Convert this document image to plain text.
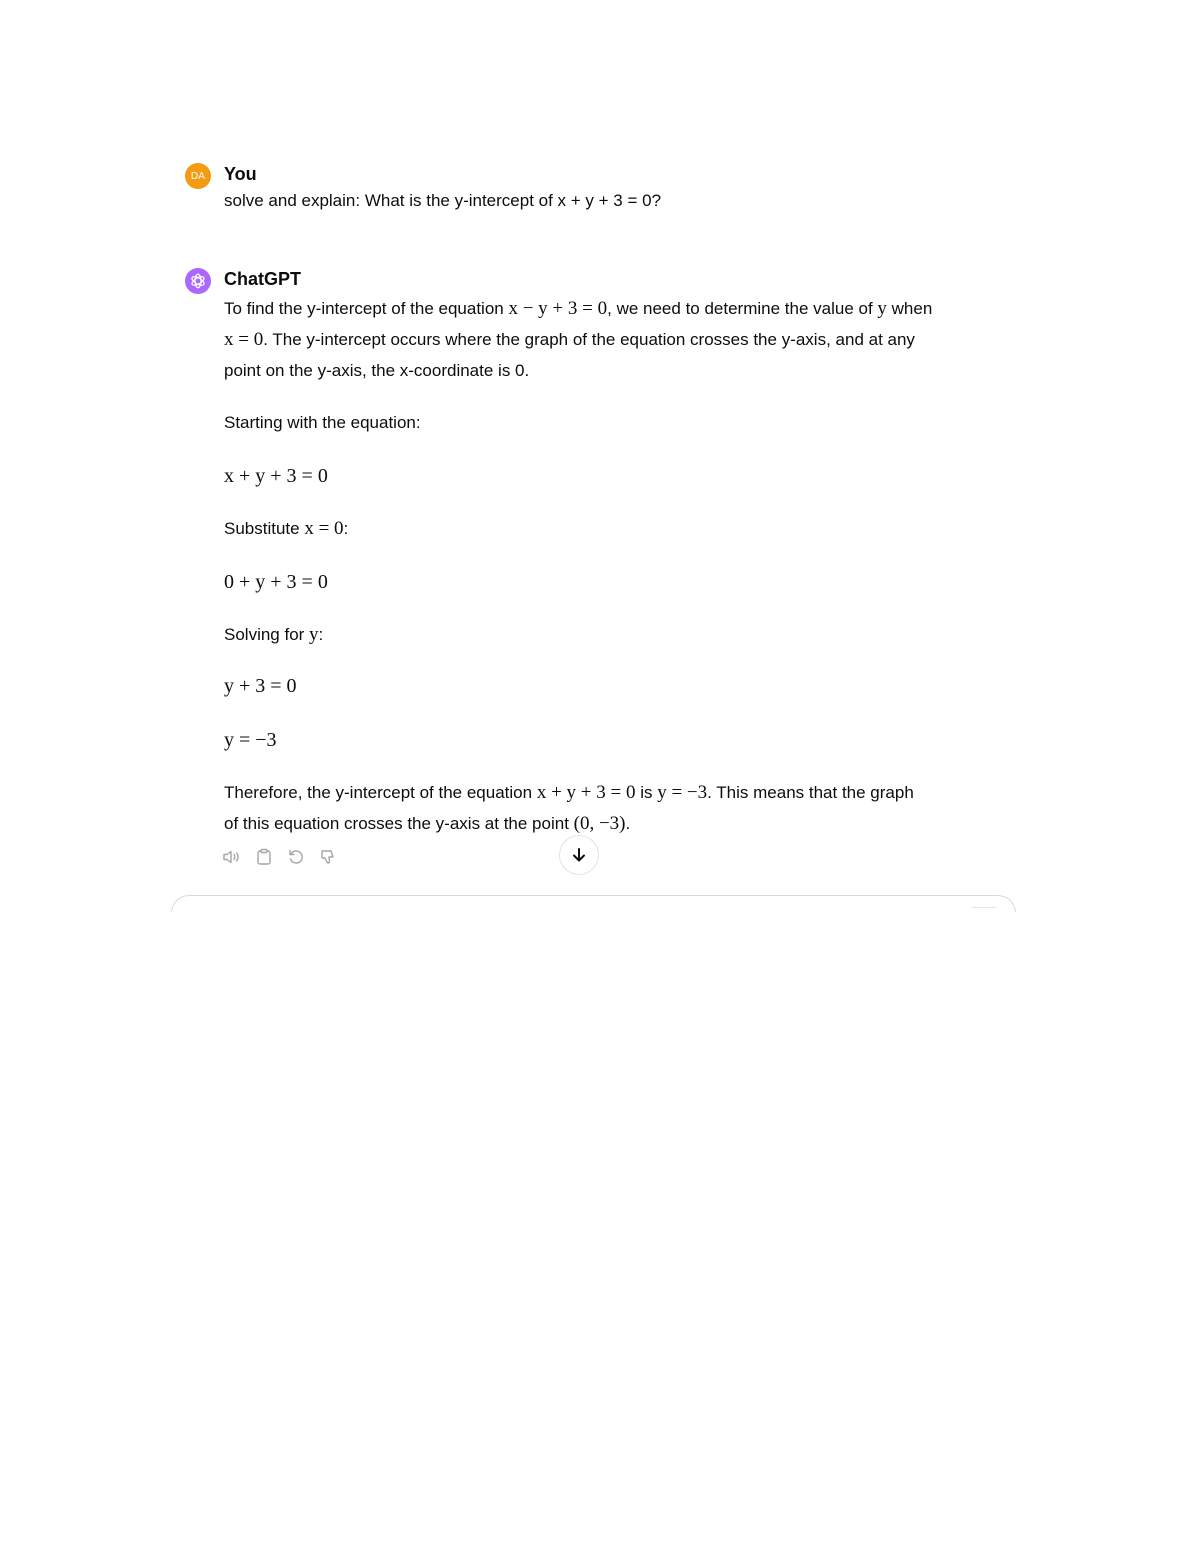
DA You
solve and explain: What is the y-intercept of x + y + 3 = 0?
ChatGPT
To find the y-intercept of the equation x − y + 3 = 0, we need to determine the value of y when
x = 0. The y-intercept occurs where the graph of the equation crosses the y-axis, and at any
point on the y-axis, the x-coordinate is 0.
Starting with the equation:
x + y + 3 = 0
Substitute x = 0:
0 + y + 3 = 0
Solving for y:
y + 3 = 0
y = −3
Therefore, the y-intercept of the equation x + y + 3 = 0 is y = −3. This means that the graph
of this equation crosses the y-axis at the point (0, −3).
